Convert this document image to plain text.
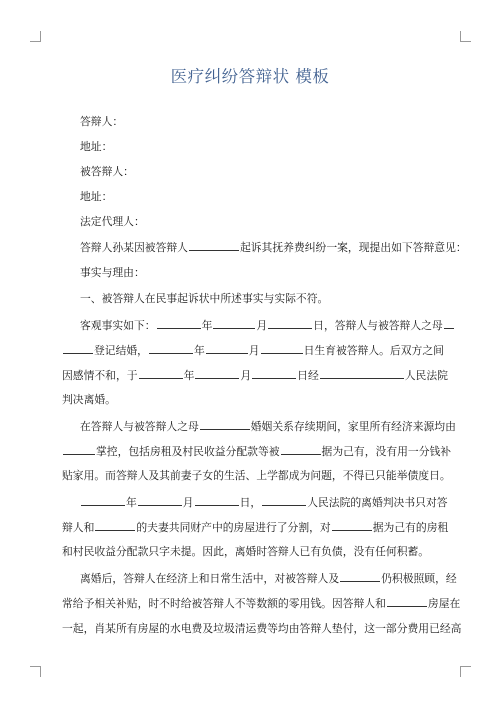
医疗纠纷答辩状 模板
答辩人：
地址：
被答辩人：
地址：
法定代理人：
答辩人孙某因被答辩人	起诉其抚养费纠纷一案，现提出如下答辩意见：
事实与理由：
一、被答辩人在民事起诉状中所述事实与实际不符。
客观事实如下：	年	月	日，答辩人与被答辩人之母
登记结婚，	年	月	日生育被答辩人。后双方之间
因感情不和，于	年	月	日经	人民法院
判决离婚。
在答辩人与被答辩人之母	婚姻关系存续期间，家里所有经济来源均由
掌控，包括房租及村民收益分配款等被	据为己有，没有用一分钱补
贴家用。而答辩人及其前妻子女的生活、上学都成为问题，不得已只能举债度日。
年	月	日，	人民法院的离婚判决书只对答
辩人和	的夫妻共同财产中的房屋进行了分割，对	据为己有的房租
和村民收益分配款只字未提。因此，离婚时答辩人已有负债，没有任何积蓄。
离婚后，答辩人在经济上和日常生活中，对被答辩人及	仍积极照顾，经
常给予相关补贴，时不时给被答辩人不等数额的零用钱。因答辩人和	房屋在
一起，肖某所有房屋的水电费及垃圾清运费等均由答辩人垫付，这一部分费用已经高
